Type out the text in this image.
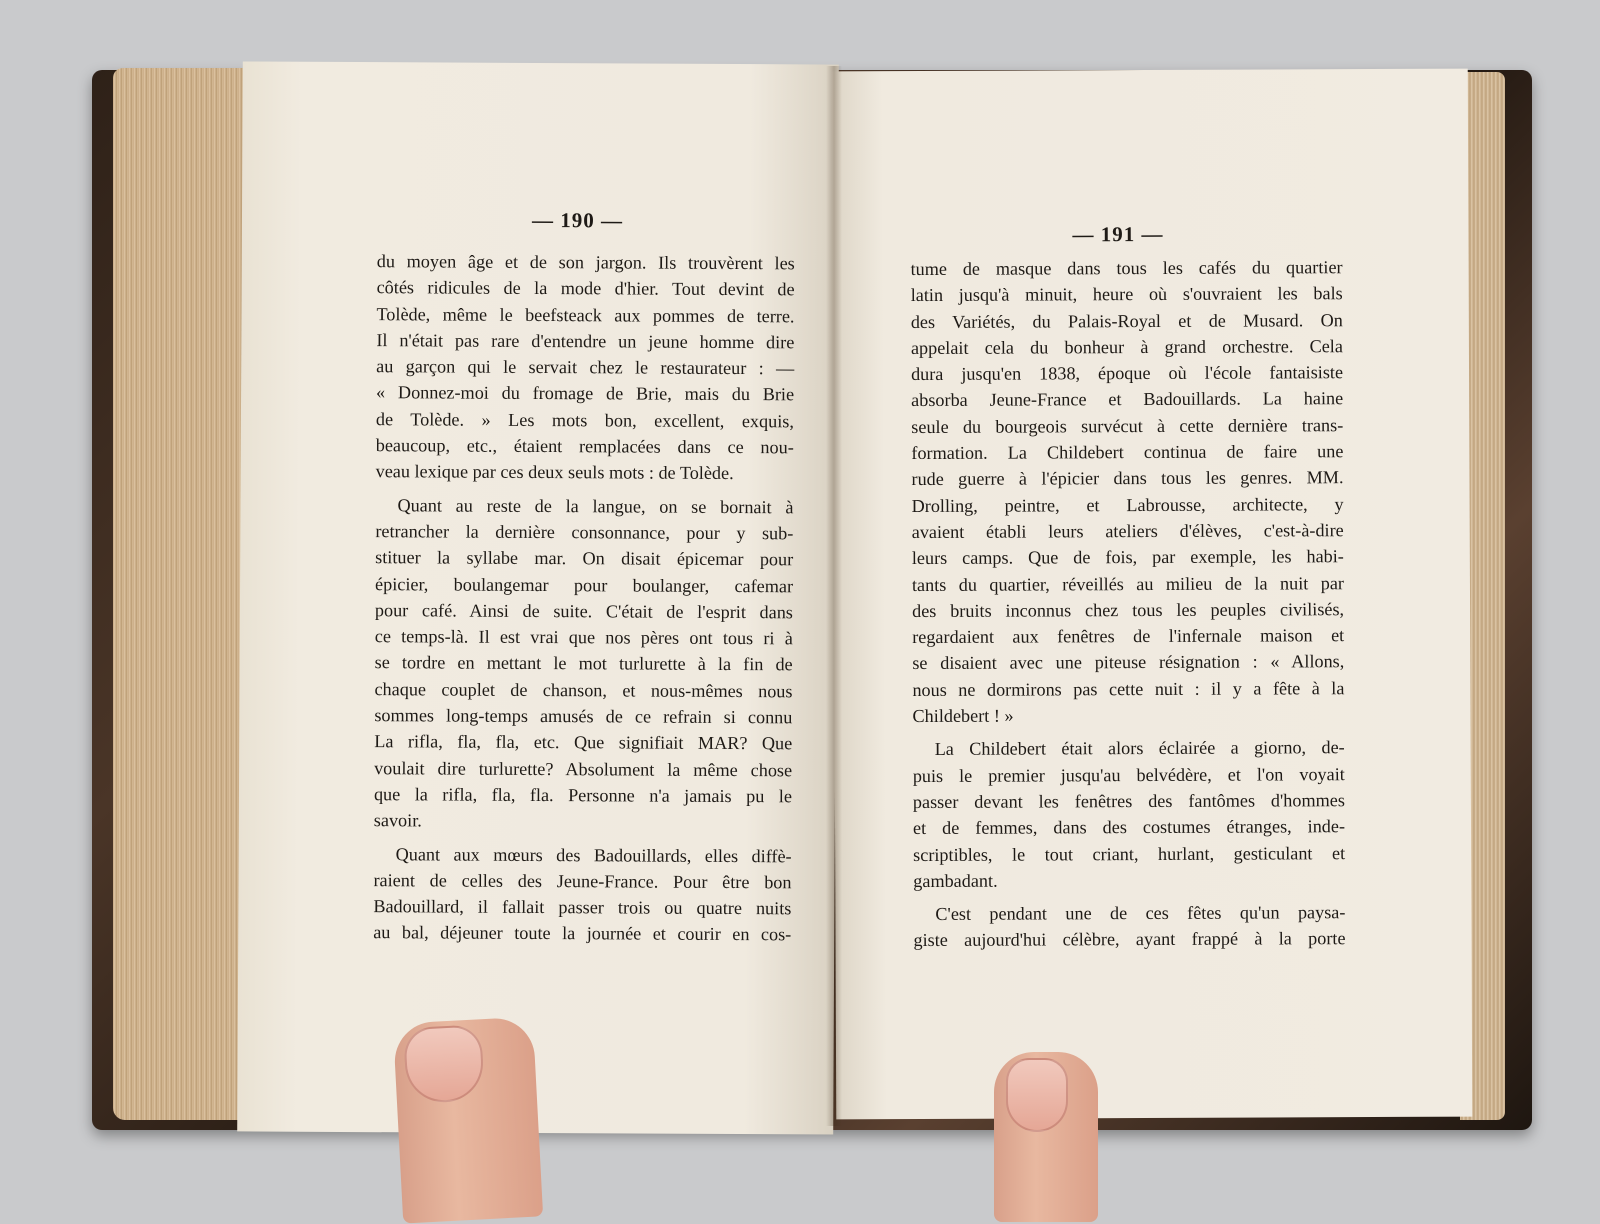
— 190 —
du moyen âge et de son jargon. Ils trouvèrent les
côtés ridicules de la mode d'hier. Tout devint de
Tolède, même le beefsteack aux pommes de terre.
Il n'était pas rare d'entendre un jeune homme dire
au garçon qui le servait chez le restaurateur : —
« Donnez-moi du fromage de Brie, mais du Brie
de Tolède. » Les mots bon, excellent, exquis,
beaucoup, etc., étaient remplacées dans ce nou-
veau lexique par ces deux seuls mots : de Tolède.
Quant au reste de la langue, on se bornait à
retrancher la dernière consonnance, pour y sub-
stituer la syllabe mar. On disait épicemar pour
épicier, boulangemar pour boulanger, cafemar
pour café. Ainsi de suite. C'était de l'esprit dans
ce temps-là. Il est vrai que nos pères ont tous ri à
se tordre en mettant le mot turlurette à la fin de
chaque couplet de chanson, et nous-mêmes nous
sommes long-temps amusés de ce refrain si connu
La rifla, fla, fla, etc. Que signifiait MAR? Que
voulait dire turlurette? Absolument la même chose
que la rifla, fla, fla. Personne n'a jamais pu le
savoir.
Quant aux mœurs des Badouillards, elles diffè-
raient de celles des Jeune-France. Pour être bon
Badouillard, il fallait passer trois ou quatre nuits
au bal, déjeuner toute la journée et courir en cos-
— 191 —
tume de masque dans tous les cafés du quartier
latin jusqu'à minuit, heure où s'ouvraient les bals
des Variétés, du Palais-Royal et de Musard. On
appelait cela du bonheur à grand orchestre. Cela
dura jusqu'en 1838, époque où l'école fantaisiste
absorba Jeune-France et Badouillards. La haine
seule du bourgeois survécut à cette dernière trans-
formation. La Childebert continua de faire une
rude guerre à l'épicier dans tous les genres. MM.
Drolling, peintre, et Labrousse, architecte, y
avaient établi leurs ateliers d'élèves, c'est-à-dire
leurs camps. Que de fois, par exemple, les habi-
tants du quartier, réveillés au milieu de la nuit par
des bruits inconnus chez tous les peuples civilisés,
regardaient aux fenêtres de l'infernale maison et
se disaient avec une piteuse résignation : « Allons,
nous ne dormirons pas cette nuit : il y a fête à la
Childebert ! »
La Childebert était alors éclairée a giorno, de-
puis le premier jusqu'au belvédère, et l'on voyait
passer devant les fenêtres des fantômes d'hommes
et de femmes, dans des costumes étranges, inde-
scriptibles, le tout criant, hurlant, gesticulant et
gambadant.
C'est pendant une de ces fêtes qu'un paysa-
giste aujourd'hui célèbre, ayant frappé à la porte
